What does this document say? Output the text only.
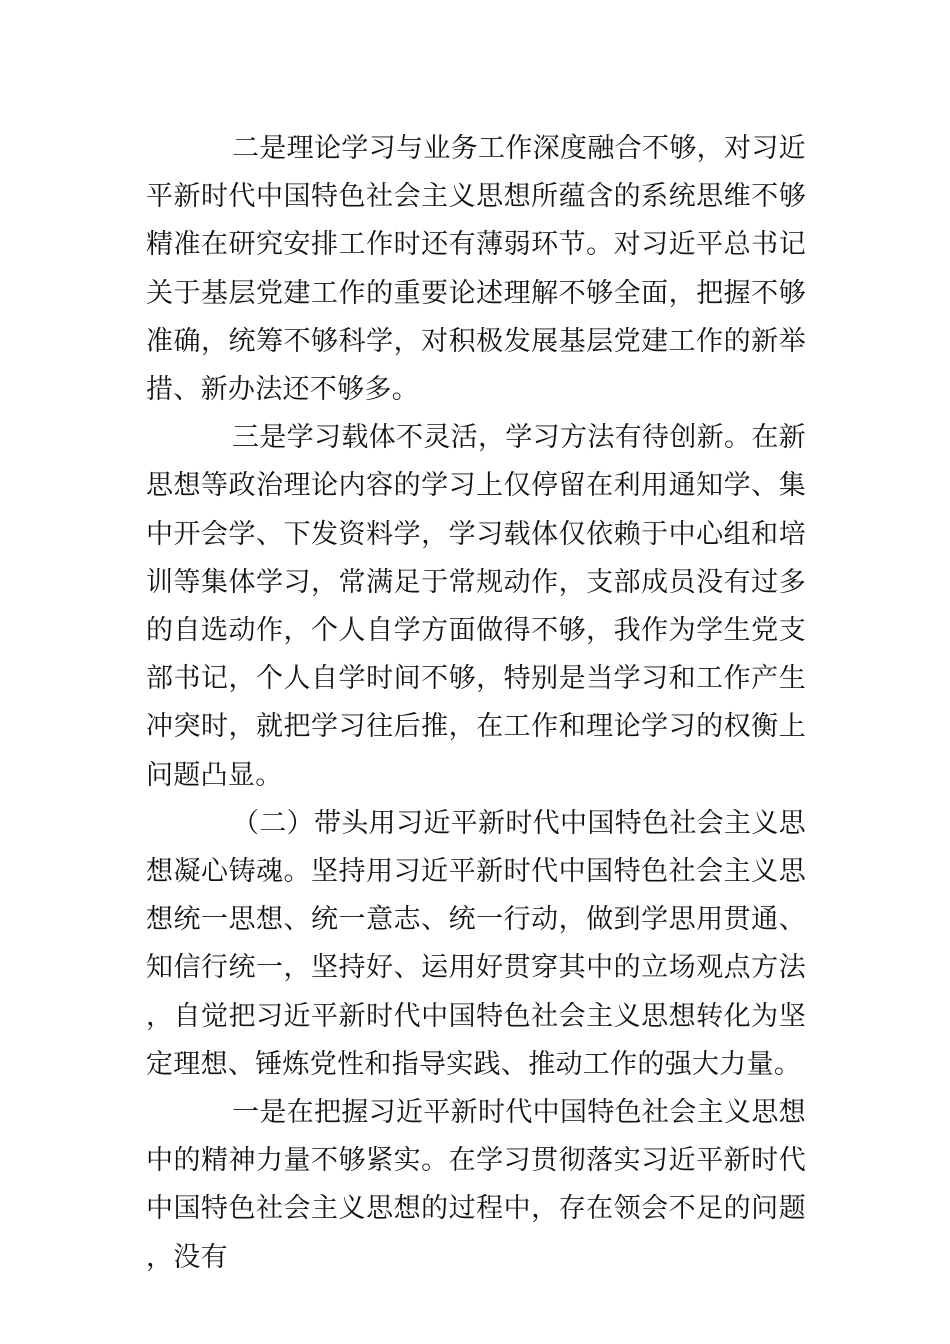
二是理论学习与业务工作深度融合不够，对习近平新时代中国特色社会主义思想所蕴含的系统思维不够精准在研究安排工作时还有薄弱环节。对习近平总书记关于基层党建工作的重要论述理解不够全面，把握不够准确，统筹不够科学，对积极发展基层党建工作的新举措、新办法还不够多。

三是学习载体不灵活，学习方法有待创新。在新思想等政治理论内容的学习上仅停留在利用通知学、集中开会学、下发资料学，学习载体仅依赖于中心组和培训等集体学习，常满足于常规动作，支部成员没有过多的自选动作，个人自学方面做得不够，我作为学生党支部书记，个人自学时间不够，特别是当学习和工作产生冲突时，就把学习往后推，在工作和理论学习的权衡上问题凸显。

（二）带头用习近平新时代中国特色社会主义思想凝心铸魂。坚持用习近平新时代中国特色社会主义思想统一思想、统一意志、统一行动，做到学思用贯通、知信行统一，坚持好、运用好贯穿其中的立场观点方法，自觉把习近平新时代中国特色社会主义思想转化为坚定理想、锤炼党性和指导实践、推动工作的强大力量。

一是在把握习近平新时代中国特色社会主义思想中的精神力量不够紧实。在学习贯彻落实习近平新时代中国特色社会主义思想的过程中，存在领会不足的问题，没有
